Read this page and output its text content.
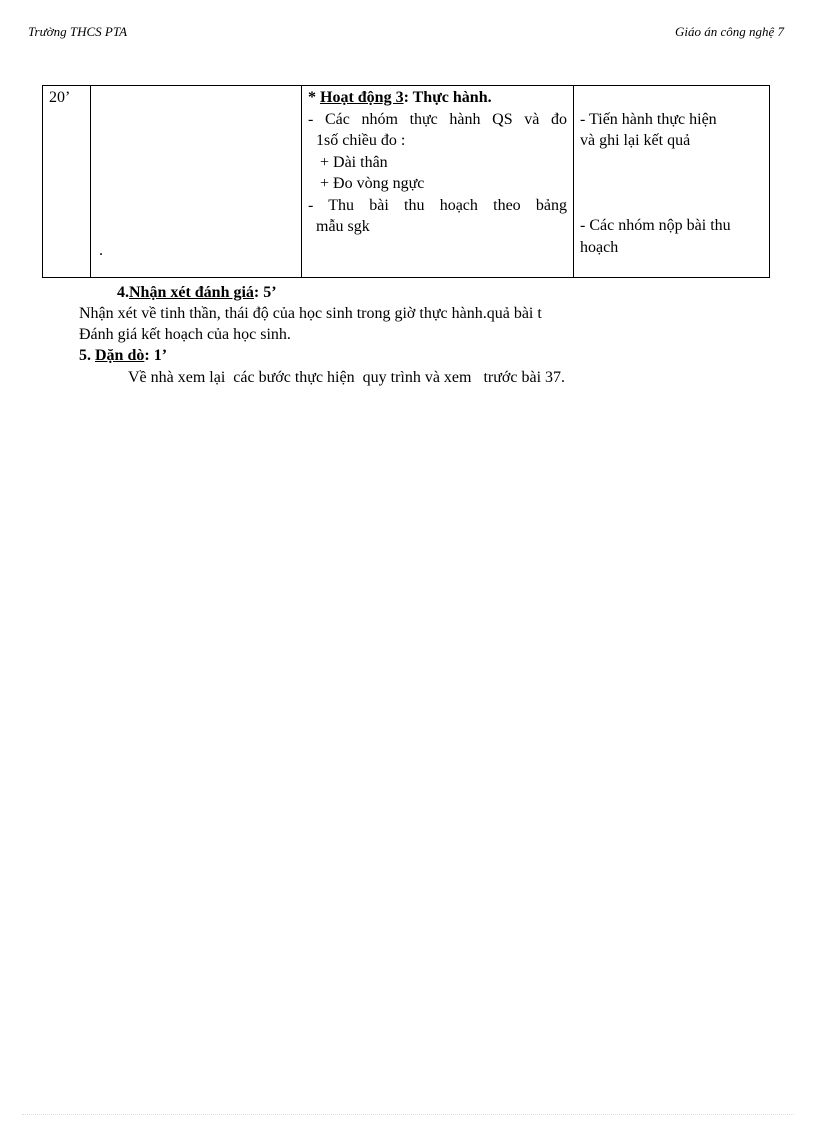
Trường THCS PTA	Giáo án công nghệ 7
20’
.
* Hoạt động 3: Thực hành.
- Các nhóm thực hành QS và đo
1số chiều đo :
+ Dài thân
+ Đo vòng ngực
- Thu bài thu hoạch theo bảng
mẫu sgk
- Tiến hành thực hiện
và ghi lại kết quả
- Các nhóm nộp bài thu
hoạch
4.Nhận xét đánh giá: 5’
Nhận xét về tinh thần, thái độ của học sinh trong giờ thực hành.quả bài t
Đánh giá kết hoạch của học sinh.
5. Dặn dò: 1’
Về nhà xem lại  các bước thực hiện  quy trình và xem   trước bài 37.
